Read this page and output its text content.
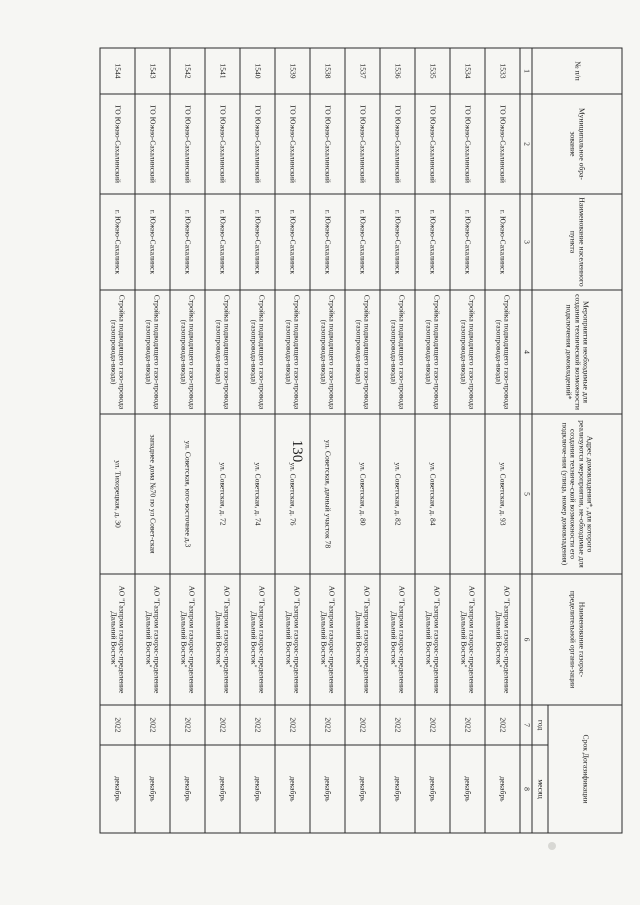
130
№ п/п	Муниципальное обра-зование	Наименование населенного пункта	Мероприятия необходимые для создания технической возможности подключения домовладений*	Адрес домовладения*, для которого реализуются мероприятия, не-обходимые для создания техниче-ской возможности его подключе-ния (улица, номер домовладения)	Наименование газорас-пределительной органи-зации	Срок Догазификации	
						год	месяц
1	2	3	4	5	6	7	8
1533	ГО Южно-Сахалинский	г. Южно-Сахалинск	Стройка подводящего газо-провода (газопровода-ввода)	ул. Советская, д. 93	АО "Газпром газорас-пределение Дальний Восток"	2022	декабрь
1534	ГО Южно-Сахалинский	г. Южно-Сахалинск	Стройка подводящего газо-провода (газопровода-ввода)		АО "Газпром газорас-пределение Дальний Восток"	2022	декабрь
1535	ГО Южно-Сахалинский	г. Южно-Сахалинск	Стройка подводящего газо-провода (газопровода-ввода)	ул. Советская, д. 84	АО "Газпром газорас-пределение Дальний Восток"	2022	декабрь
1536	ГО Южно-Сахалинский	г. Южно-Сахалинск	Стройка подводящего газо-провода (газопровода-ввода)	ул. Советская, д. 82	АО "Газпром газорас-пределение Дальний Восток"	2022	декабрь
1537	ГО Южно-Сахалинский	г. Южно-Сахалинск	Стройка подводящего газо-провода (газопровода-ввода)	ул. Советская, д. 80	АО "Газпром газорас-пределение Дальний Восток"	2022	декабрь
1538	ГО Южно-Сахалинский	г. Южно-Сахалинск	Стройка подводящего газо-провода (газопровода-ввода)	ул. Советская, дачный участок 78	АО "Газпром газорас-пределение Дальний Восток"	2022	декабрь
1539	ГО Южно-Сахалинский	г. Южно-Сахалинск	Стройка подводящего газо-провода (газопровода-ввода)	ул. Советская, д. 76	АО "Газпром газорас-пределение Дальний Восток"	2022	декабрь
1540	ГО Южно-Сахалинский	г. Южно-Сахалинск	Стройка подводящего газо-провода (газопровода-ввода)	ул. Советская, д. 74	АО "Газпром газорас-пределение Дальний Восток"	2022	декабрь
1541	ГО Южно-Сахалинский	г. Южно-Сахалинск	Стройка подводящего газо-провода (газопровода-ввода)	ул. Советская, д. 72	АО "Газпром газорас-пределение Дальний Восток"	2022	декабрь
1542	ГО Южно-Сахалинский	г. Южно-Сахалинск	Стройка подводящего газо-провода (газопровода-ввода)	ул. Советская, юго-восточнее д.3	АО "Газпром газорас-пределение Дальний Восток"	2022	декабрь
1543	ГО Южно-Сахалинский	г. Южно-Сахалинск	Стройка подводящего газо-провода (газопровода-ввода)	западнее дома №70 по ул Совет-ская	АО "Газпром газорас-пределение Дальний Восток"	2022	декабрь
1544	ГО Южно-Сахалинский	г. Южно-Сахалинск	Стройка подводящего газо-провода (газопровода-ввода)	ул. Тихорецкая, д. 30	АО "Газпром газорас-пределение Дальний Восток"	2022	декабрь
